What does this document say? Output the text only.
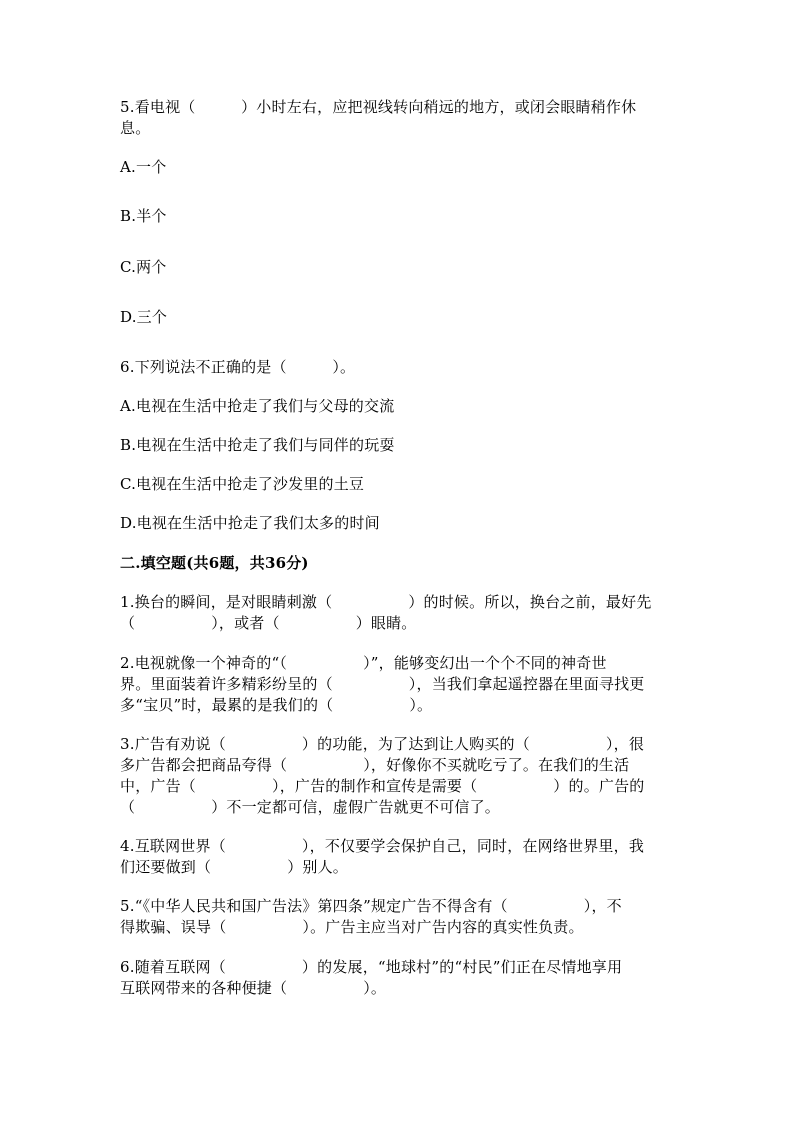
5.看电视（　　　）小时左右，应把视线转向稍远的地方，或闭会眼睛稍作休
息。
A.一个
B.半个
C.两个
D.三个
6.下列说法不正确的是（　　　）。
A.电视在生活中抢走了我们与父母的交流
B.电视在生活中抢走了我们与同伴的玩耍
C.电视在生活中抢走了沙发里的土豆
D.电视在生活中抢走了我们太多的时间
二.填空题(共6题，共36分)
1.换台的瞬间，是对眼睛刺激（　　　　　）的时候。所以，换台之前，最好先
（　　　　　），或者（　　　　　）眼睛。
2.电视就像一个神奇的“（　　　　　）”，能够变幻出一个个不同的神奇世
界。里面装着许多精彩纷呈的（　　　　　），当我们拿起遥控器在里面寻找更
多“宝贝”时，最累的是我们的（　　　　　）。
3.广告有劝说（　　　　　）的功能，为了达到让人购买的（　　　　　），很
多广告都会把商品夸得（　　　　　），好像你不买就吃亏了。在我们的生活
中，广告（　　　　　），广告的制作和宣传是需要（　　　　　）的。广告的
（　　　　　）不一定都可信，虚假广告就更不可信了。
4.互联网世界（　　　　　），不仅要学会保护自己，同时，在网络世界里，我
们还要做到（　　　　　）别人。
5.“《中华人民共和国广告法》第四条”规定广告不得含有（　　　　　），不
得欺骗、误导（　　　　　）。广告主应当对广告内容的真实性负责。
6.随着互联网（　　　　　）的发展，“地球村”的“村民”们正在尽情地享用
互联网带来的各种便捷（　　　　　）。
